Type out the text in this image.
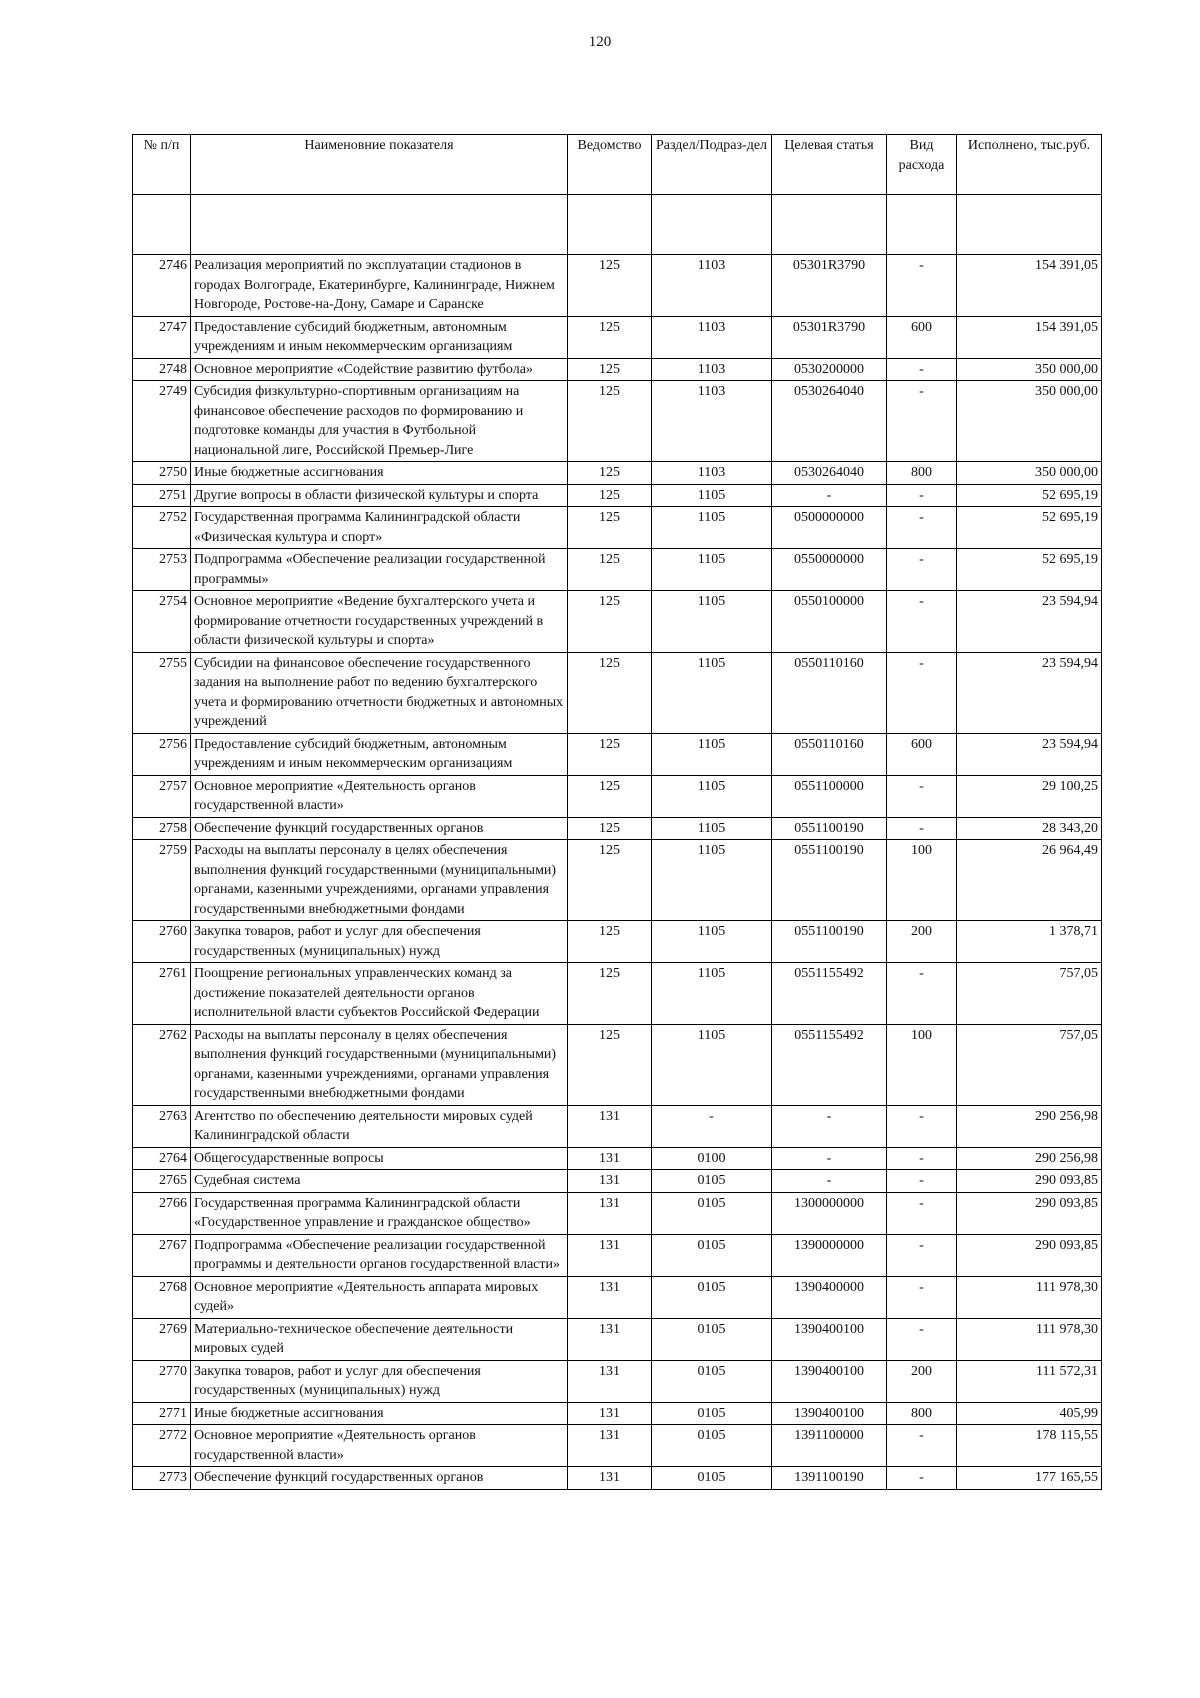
120
№ п/п	Наименовние показателя	Ведомство	Раздел/Подраз-дел	Целевая статья	Вид расхода	Исполнено, тыс.руб.

2746	Реализация мероприятий по эксплуатации стадионов в городах Волгограде, Екатеринбурге, Калининграде, Нижнем Новгороде, Ростове-на-Дону, Самаре и Саранске	125	1103	05301R3790	-	154 391,05
2747	Предоставление субсидий бюджетным, автономным учреждениям и иным некоммерческим организациям	125	1103	05301R3790	600	154 391,05
2748	Основное мероприятие «Содействие развитию футбола»	125	1103	0530200000	-	350 000,00
2749	Субсидия физкультурно-спортивным организациям на финансовое обеспечение расходов по формированию и подготовке команды для участия в Футбольной национальной лиге, Российской Премьер-Лиге	125	1103	0530264040	-	350 000,00
2750	Иные бюджетные ассигнования	125	1103	0530264040	800	350 000,00
2751	Другие вопросы в области физической культуры и спорта	125	1105	-	-	52 695,19
2752	Государственная программа Калининградской области «Физическая культура и спорт»	125	1105	0500000000	-	52 695,19
2753	Подпрограмма «Обеспечение реализации государственной программы»	125	1105	0550000000	-	52 695,19
2754	Основное мероприятие «Ведение бухгалтерского учета и формирование отчетности государственных учреждений в области физической культуры и спорта»	125	1105	0550100000	-	23 594,94
2755	Субсидии на финансовое обеспечение государственного задания на выполнение работ по ведению бухгалтерского учета и формированию отчетности бюджетных и автономных учреждений	125	1105	0550110160	-	23 594,94
2756	Предоставление субсидий бюджетным, автономным учреждениям и иным некоммерческим организациям	125	1105	0550110160	600	23 594,94
2757	Основное мероприятие «Деятельность органов государственной власти»	125	1105	0551100000	-	29 100,25
2758	Обеспечение функций государственных органов	125	1105	0551100190	-	28 343,20
2759	Расходы на выплаты персоналу в целях обеспечения выполнения функций государственными (муниципальными) органами, казенными учреждениями, органами управления государственными внебюджетными фондами	125	1105	0551100190	100	26 964,49
2760	Закупка товаров, работ и услуг для обеспечения государственных (муниципальных) нужд	125	1105	0551100190	200	1 378,71
2761	Поощрение региональных управленческих команд за достижение показателей деятельности органов исполнительной власти субъектов Российской Федерации	125	1105	0551155492	-	757,05
2762	Расходы на выплаты персоналу в целях обеспечения выполнения функций государственными (муниципальными) органами, казенными учреждениями, органами управления государственными внебюджетными фондами	125	1105	0551155492	100	757,05
2763	Агентство по обеспечению деятельности мировых судей Калининградской области	131	-	-	-	290 256,98
2764	Общегосударственные вопросы	131	0100	-	-	290 256,98
2765	Судебная система	131	0105	-	-	290 093,85
2766	Государственная программа Калининградской области «Государственное управление и гражданское общество»	131	0105	1300000000	-	290 093,85
2767	Подпрограмма «Обеспечение реализации государственной программы и деятельности органов государственной власти»	131	0105	1390000000	-	290 093,85
2768	Основное мероприятие «Деятельность аппарата мировых судей»	131	0105	1390400000	-	111 978,30
2769	Материально-техническое обеспечение деятельности мировых судей	131	0105	1390400100	-	111 978,30
2770	Закупка товаров, работ и услуг для обеспечения государственных (муниципальных) нужд	131	0105	1390400100	200	111 572,31
2771	Иные бюджетные ассигнования	131	0105	1390400100	800	405,99
2772	Основное мероприятие «Деятельность органов государственной власти»	131	0105	1391100000	-	178 115,55
2773	Обеспечение функций государственных органов	131	0105	1391100190	-	177 165,55
